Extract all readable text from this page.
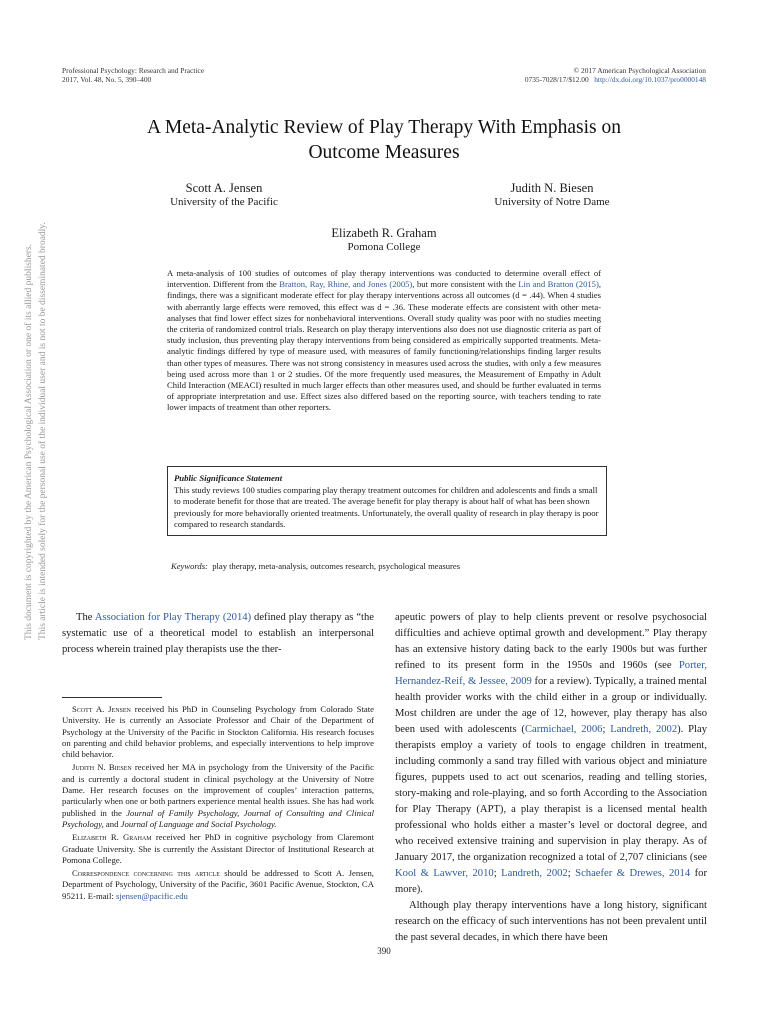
Professional Psychology: Research and Practice
2017, Vol. 48, No. 5, 390–400
© 2017 American Psychological Association
0735-7028/17/$12.00 http://dx.doi.org/10.1037/pro0000148
A Meta-Analytic Review of Play Therapy With Emphasis on
Outcome Measures
Scott A. Jensen
University of the Pacific
Judith N. Biesen
University of Notre Dame
Elizabeth R. Graham
Pomona College
A meta-analysis of 100 studies of outcomes of play therapy interventions was conducted to determine overall effect of intervention. Different from the Bratton, Ray, Rhine, and Jones (2005), but more consistent with the Lin and Bratton (2015), findings, there was a significant moderate effect for play therapy interventions across all outcomes (d = .44). When 4 studies with aberrantly large effects were removed, this effect was d = .36. These moderate effects are consistent with other meta-analyses that find lower effect sizes for nonbehavioral interventions. Overall study quality was poor with no studies meeting the criteria of randomized control trials. Research on play therapy interventions also does not use diagnostic criteria as part of study inclusion, thus preventing play therapy interventions from being considered as empirically supported treatments. Meta-analytic findings differed by type of measure used, with measures of family functioning/relationships finding larger results than other types of measures. There was not strong consistency in measures used across the studies, with only a few measures being used across more than 1 or 2 studies. Of the more frequently used measures, the Measurement of Empathy in Adult Child Interaction (MEACI) resulted in much larger effects than other measures used, and should be further evaluated in terms of appropriate interpretation and use. Effect sizes also differed based on the reporting source, with teachers tending to rate lower impacts of treatment than other reporters.
Public Significance Statement
This study reviews 100 studies comparing play therapy treatment outcomes for children and adolescents and finds a small to moderate benefit for those that are treated. The average benefit for play therapy is about half of what has been shown previously for more behaviorally oriented treatments. Unfortunately, the overall quality of research in play therapy is poor compared to research standards.
Keywords: play therapy, meta-analysis, outcomes research, psychological measures
This document is copyrighted by the American Psychological Association or one of its allied publishers. This article is intended solely for the personal use of the individual user and is not to be disseminated broadly.	The Association for Play Therapy (2014) defined play therapy as “the systematic use of a theoretical model to establish an interpersonal process wherein trained play therapists use the ther-

Scott A. Jensen received his PhD in Counseling Psychology from Colorado State University. He is currently an Associate Professor and Chair of the Department of Psychology at the University of the Pacific in Stockton California. His research focuses on parenting and child behavior problems, and especially interventions to help improve child behavior.

Judith N. Biesen received her MA in psychology from the University of the Pacific and is currently a doctoral student in clinical psychology at the University of Notre Dame. Her research focuses on the improvement of couples’ interaction patterns, particularly when one or both partners experience mental health issues. She has had work published in the Journal of Family Psychology, Journal of Consulting and Clinical Psychology, and Journal of Language and Social Psychology.

Elizabeth R. Graham received her PhD in cognitive psychology from Claremont Graduate University. She is currently the Assistant Director of Institutional Research at Pomona College.

Correspondence concerning this article should be addressed to Scott A. Jensen, Department of Psychology, University of the Pacific, 3601 Pacific Avenue, Stockton, CA 95211. E-mail: sjensen@pacific.edu

apeutic powers of play to help clients prevent or resolve psychosocial difficulties and achieve optimal growth and development.” Play therapy has an extensive history dating back to the early 1900s but was further refined to its present form in the 1950s and 1960s (see Porter, Hernandez-Reif, & Jessee, 2009 for a review). Typically, a trained mental health provider works with the child either in a group or individually. Most children are under the age of 12, however, play therapy has also been used with adolescents (Carmichael, 2006; Landreth, 2002). Play therapists employ a variety of tools to engage children in treatment, including commonly a sand tray filled with various object and miniature figures, puppets used to act out scenarios, reading and telling stories, story-making and role-playing, and so forth According to the Association for Play Therapy (APT), a play therapist is a licensed mental health professional who holds either a master’s level or doctoral degree, and who received extensive training and supervision in play therapy. As of January 2017, the organization recognized a total of 2,707 clinicians (see Kool & Lawver, 2010; Landreth, 2002; Schaefer & Drewes, 2014 for more).

Although play therapy interventions have a long history, significant research on the efficacy of such interventions has not been prevalent until the past several decades, in which there have been

390
